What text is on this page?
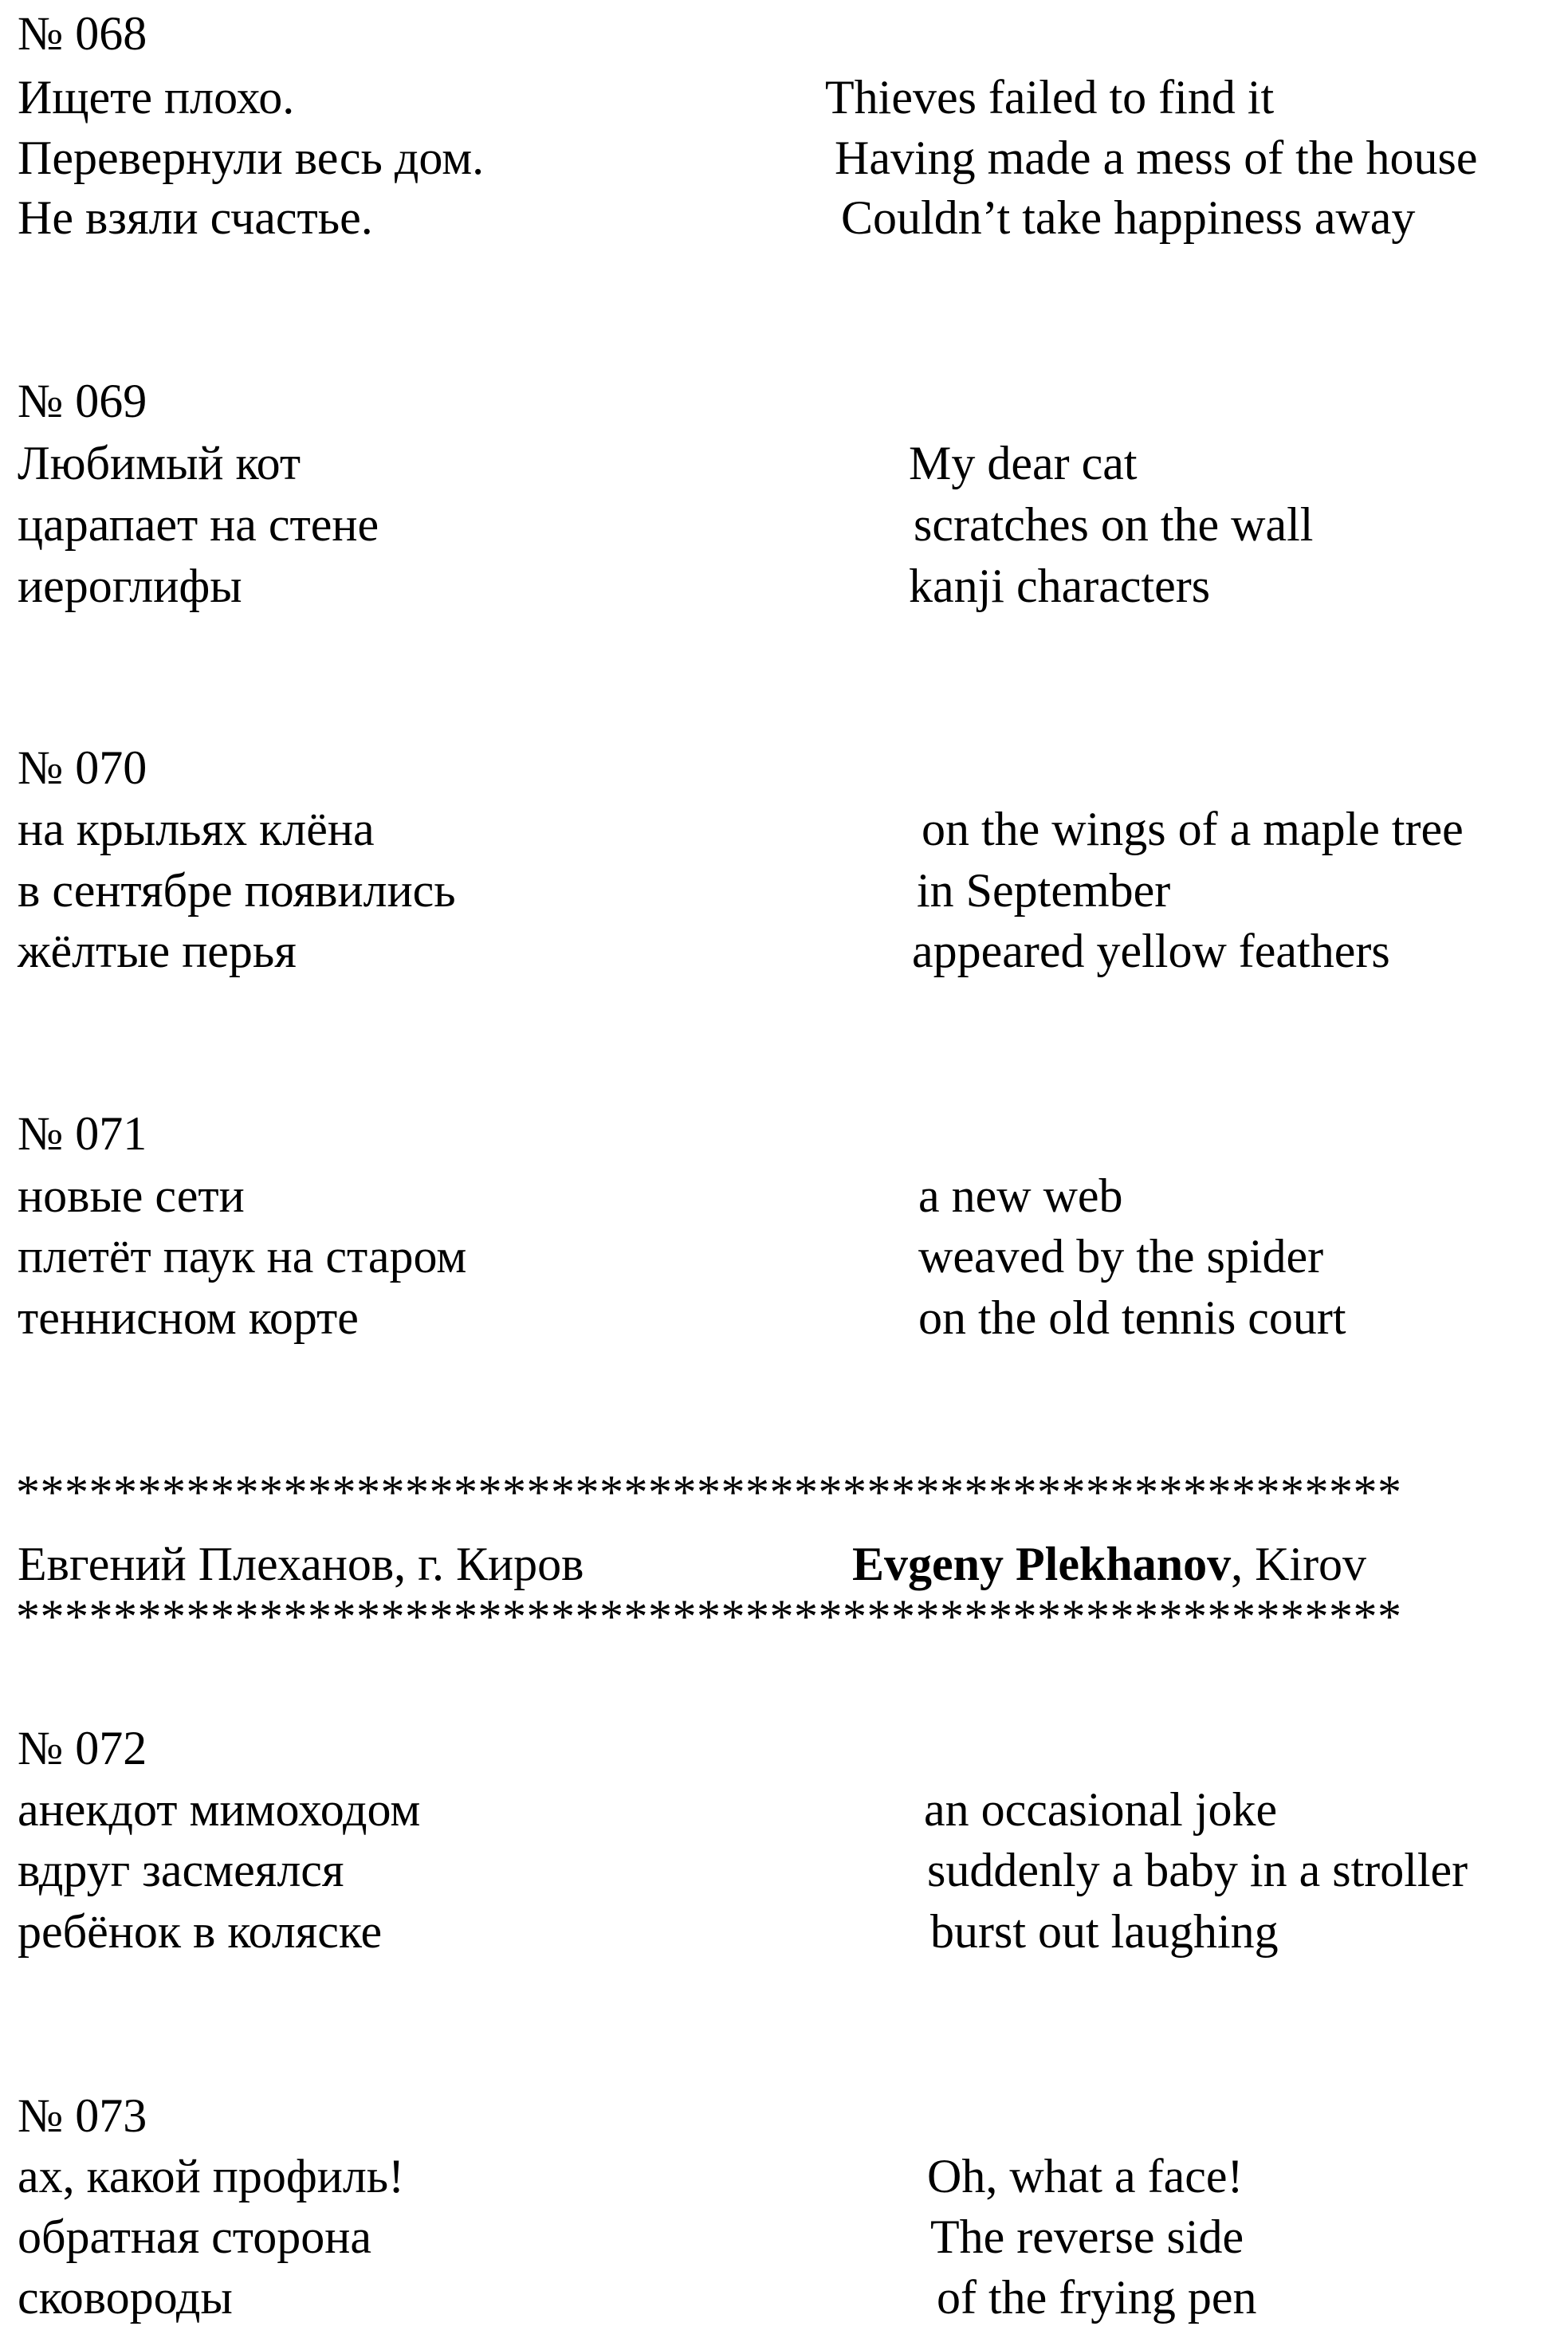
№ 068
Ищете плохо.
Перевернули весь дом.
Не взяли счастье.
Thieves failed to find it
Having made a mess of the house
Couldn’t take happiness away
№ 069
Любимый кот
царапает на стене
иероглифы
My dear cat
scratches on the wall
kanji characters
№ 070
на крыльях клёна
в сентябре появились
жёлтые перья
on the wings of a maple tree
in September
appeared yellow feathers
№ 071
новые сети
плетёт паук на старом
теннисном корте
a new web
weaved by the spider
on the old tennis court
*********************************************************
Евгений Плеханов, г. Киров	Evgeny Plekhanov, Kirov
*********************************************************
№ 072
анекдот мимоходом
вдруг засмеялся
ребёнок в коляске
an occasional joke
suddenly a baby in a stroller
burst out laughing
№ 073
ах, какой профиль!
обратная сторона
сковороды
Oh, what a face!
The reverse side
of the frying pen
